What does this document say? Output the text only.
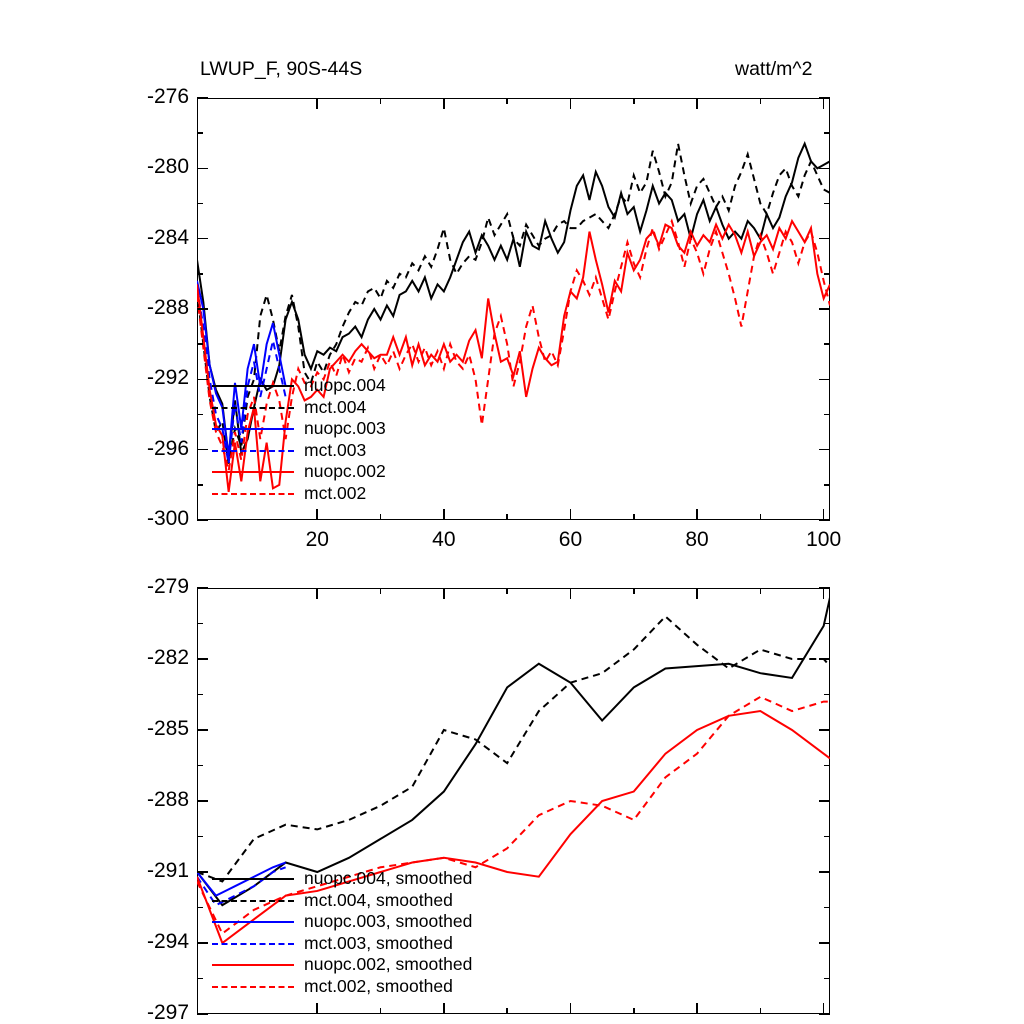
LWUP_F, 90S-44S	watt/m^2
-300
-296
-292
-288
-284
-280
-276
20	40	60	80	100
nuopc.004
mct.004
nuopc.003
mct.003
nuopc.002
mct.002
-297
-294
-291
-288
-285
-282
-279
nuopc.004, smoothed
mct.004, smoothed
nuopc.003, smoothed
mct.003, smoothed
nuopc.002, smoothed
mct.002, smoothed
